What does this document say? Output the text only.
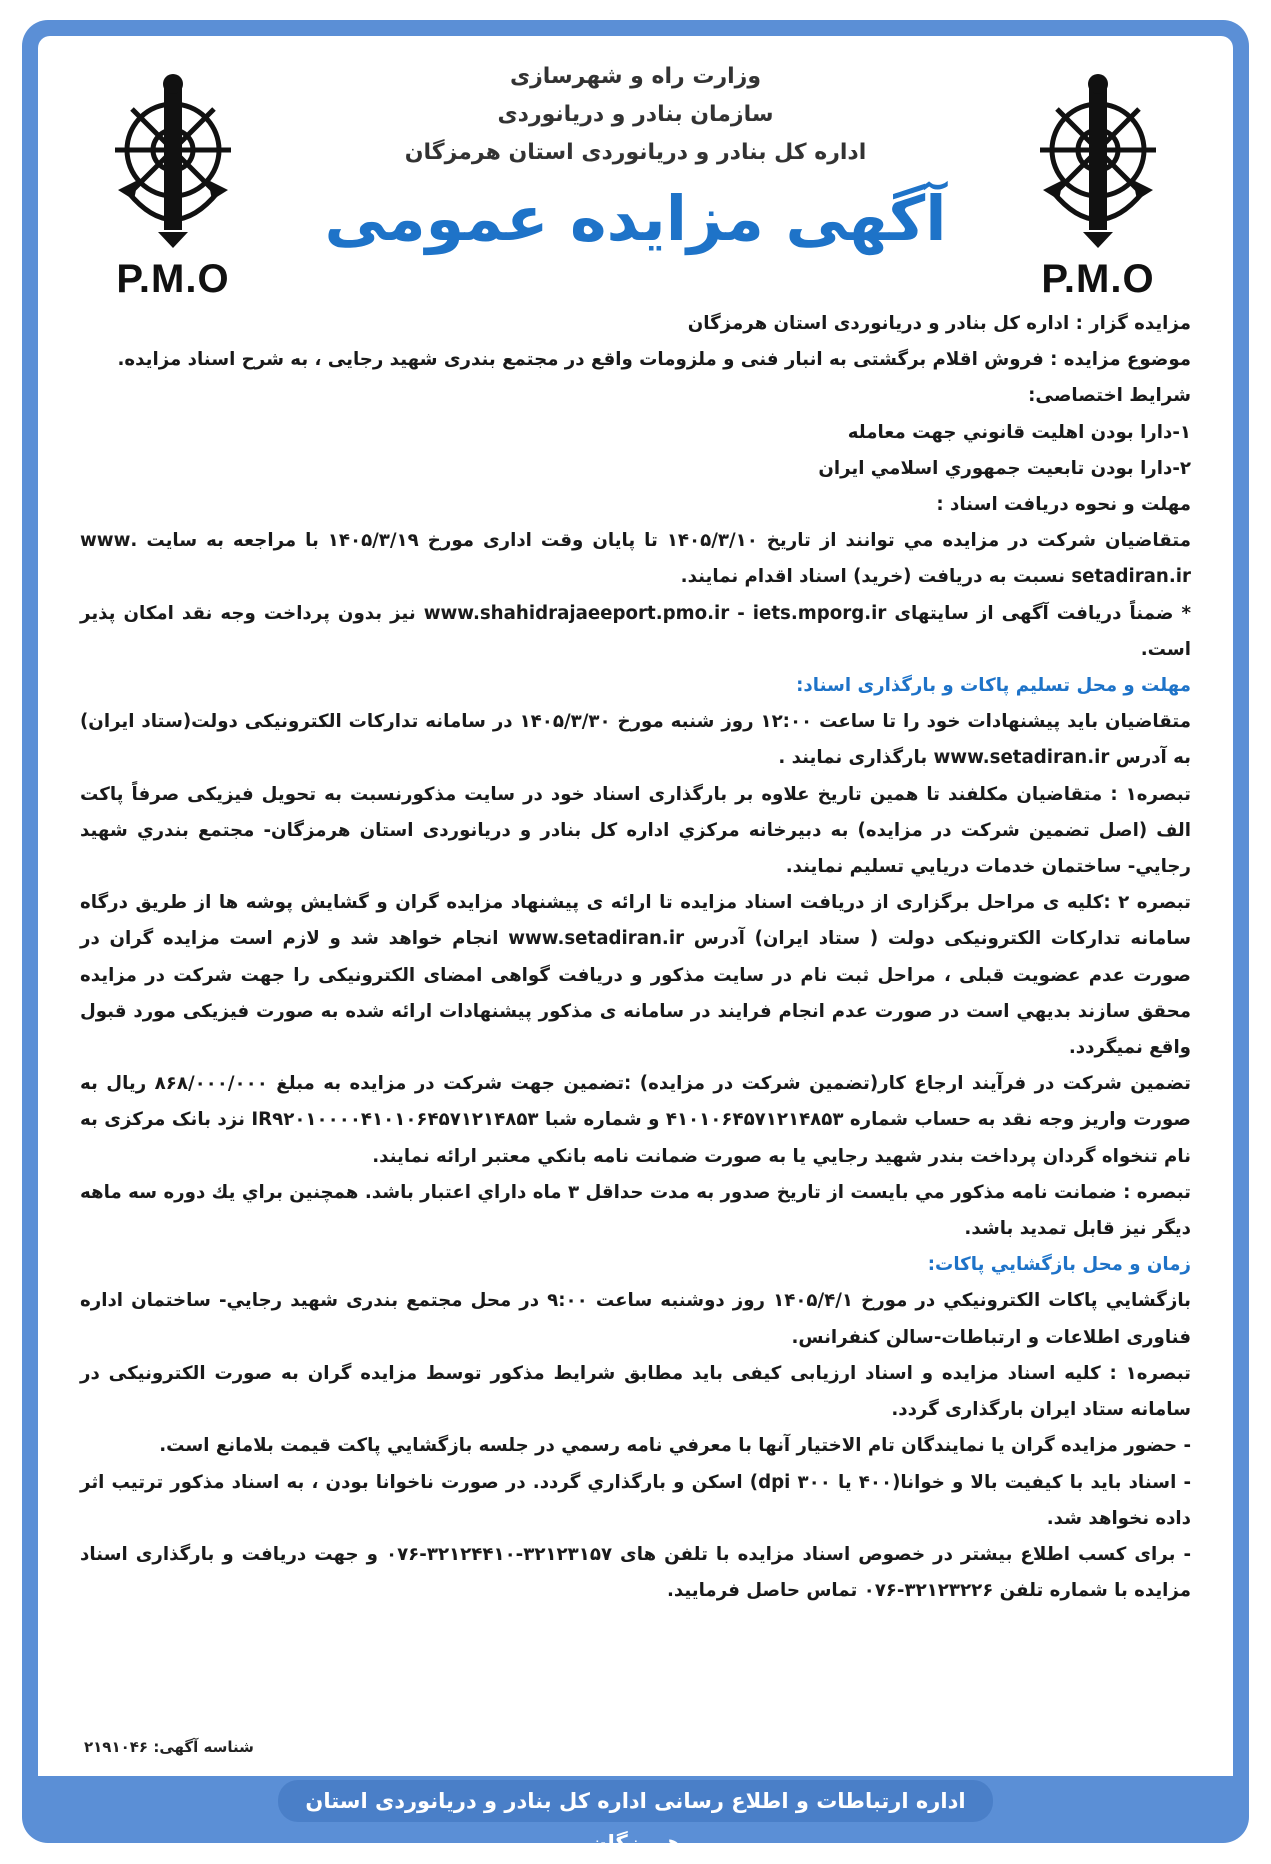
P.M.O	P.M.O
وزارت راه و شهرسازی
سازمان بنادر و دریانوردی
اداره کل بنادر و دریانوردی استان هرمزگان
آگهی مزایده عمومی

مزایده گزار : اداره کل بنادر و دریانوردی استان هرمزگان

موضوع مزایده : فروش اقلام برگشتی به انبار فنی و ملزومات واقع در مجتمع بندری شهید رجایی ، به شرح اسناد مزایده.

شرایط اختصاصی:

۱-دارا بودن اهلیت قانوني جهت معامله

۲-دارا بودن تابعيت جمهوري اسلامي ايران

مهلت و نحوه دریافت اسناد :

متقاضیان شرکت در مزایده مي توانند از تاریخ ۱۴۰۵/۳/۱۰ تا پایان وقت اداری مورخ ۱۴۰۵/۳/۱۹ با مراجعه به سایت .www setadiran.ir نسبت به دریافت (خرید) اسناد اقدام نمایند.

* ضمناً دریافت آگهی از سایتهای www.shahidrajaeeport.pmo.ir - iets.mporg.ir نیز بدون پرداخت وجه نقد امکان پذیر است.

مهلت و محل تسلیم پاکات و بارگذاری اسناد:

متقاضیان باید پیشنهادات خود را تا ساعت ۱۲:۰۰ روز شنبه مورخ ۱۴۰۵/۳/۳۰ در سامانه تدارکات الکترونیکی دولت(ستاد ایران) به آدرس www.setadiran.ir بارگذاری نمایند .

تبصره۱ : متقاضیان مکلفند تا همین تاریخ علاوه بر بارگذاری اسناد خود در سایت مذکورنسبت به تحویل فیزیکی صرفاً پاکت الف (اصل تضمین شرکت در مزایده) به دبیرخانه مرکزي اداره کل بنادر و دریانوردی استان هرمزگان- مجتمع بندري شهيد رجايي- ساختمان خدمات دريايي تسليم نمايند.

تبصره ۲ :کلیه ی مراحل برگزاری از دریافت اسناد مزایده تا ارائه ی پیشنهاد مزایده گران و گشایش پوشه ها از طریق درگاه سامانه تدارکات الکترونیکی دولت ( ستاد ایران) آدرس www.setadiran.ir انجام خواهد شد و لازم است مزایده گران در صورت عدم عضویت قبلی ، مراحل ثبت نام در سایت مذکور و دریافت گواهی امضای الکترونیکی را جهت شرکت در مزایده محقق سازند بديهي است در صورت عدم انجام فرایند در سامانه ی مذکور پیشنهادات ارائه شده به صورت فیزیکی مورد قبول واقع نمیگردد.

تضمین شرکت در فرآیند ارجاع کار(تضمین شرکت در مزایده) :تضمین جهت شرکت در مزایده به مبلغ ۸۶۸/۰۰۰/۰۰۰ ریال به صورت واریز وجه نقد به حساب شماره ۴۱۰۱۰۶۴۵۷۱۲۱۴۸۵۳ و شماره شبا IR۹۲۰۱۰۰۰۰۴۱۰۱۰۶۴۵۷۱۲۱۴۸۵۳ نزد بانک مرکزی به نام تنخواه گردان پرداخت بندر شهید رجایي يا به صورت ضمانت نامه بانكي معتبر ارائه نمایند.

تبصره : ضمانت نامه مذکور مي بایست از تاریخ صدور به مدت حداقل ۳ ماه داراي اعتبار باشد. همچنين براي يك دوره سه ماهه ديگر نيز قابل تمدید باشد.

زمان و محل بازگشايي پاكات:

بازگشايي پاكات الكترونيكي در مورخ ۱۴۰۵/۴/۱ روز دوشنبه ساعت ۹:۰۰ در محل مجتمع بندری شهيد رجايي- ساختمان اداره فناوری اطلاعات و ارتباطات-سالن کنفرانس.

تبصره۱ : کلیه اسناد مزایده و اسناد ارزیابی کیفی باید مطابق شرایط مذکور توسط مزایده گران به صورت الکترونیکی در سامانه ستاد ایران بارگذاری گردد.

- حضور مزایده گران یا نمایندگان تام الاختیار آنها با معرفي نامه رسمي در جلسه بازگشايي پاكت قيمت بلامانع است.

- اسناد باید با کیفیت بالا و خوانا(۴۰۰ یا ۳۰۰ dpi) اسکن و بارگذاري گردد. در صورت ناخوانا بودن ، به اسناد مذکور ترتیب اثر داده نخواهد شد.

- برای کسب اطلاع بیشتر در خصوص اسناد مزایده با تلفن های ۳۲۱۲۳۱۵۷-۳۲۱۲۴۴۱۰-۰۷۶ و جهت دریافت و بارگذاری اسناد مزایده با شماره تلفن ۳۲۱۲۳۲۲۶-۰۷۶ تماس حاصل فرمایید.

شناسه آگهی: ۲۱۹۱۰۴۶
اداره ارتباطات و اطلاع رسانی اداره کل بنادر و دریانوردی استان هرمزگان
